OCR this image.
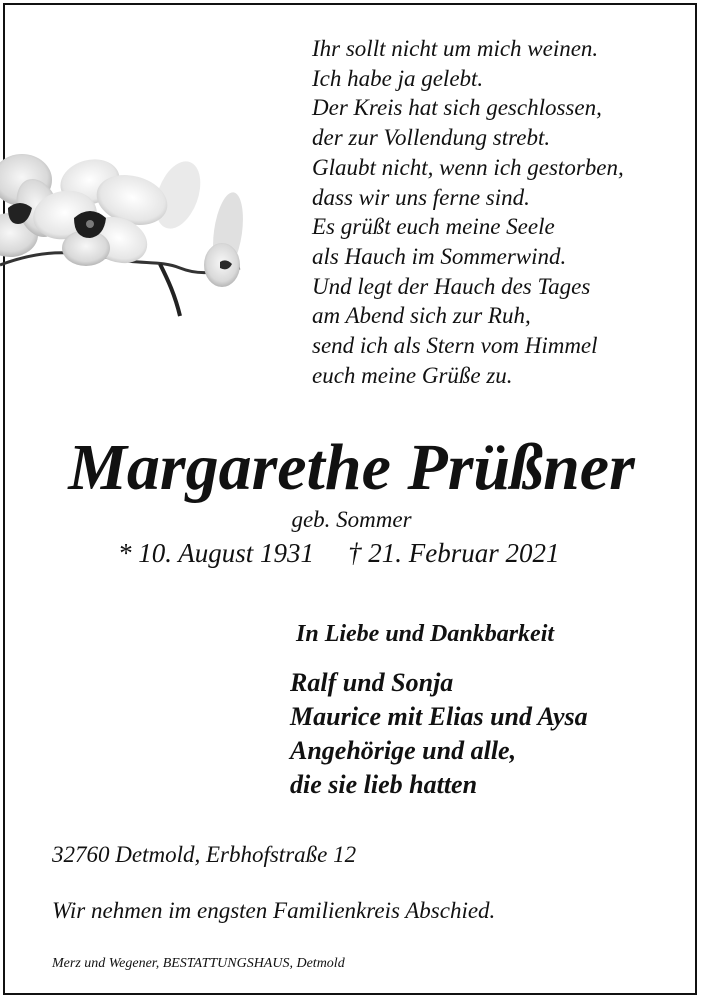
Ihr sollt nicht um mich weinen.
Ich habe ja gelebt.
Der Kreis hat sich geschlossen,
der zur Vollendung strebt.
Glaubt nicht, wenn ich gestorben,
dass wir uns ferne sind.
Es grüßt euch meine Seele
als Hauch im Sommerwind.
Und legt der Hauch des Tages
am Abend sich zur Ruh,
send ich als Stern vom Himmel
euch meine Grüße zu.
Margarethe Prüßner
geb. Sommer
* 10. August 1931 † 21. Februar 2021
In Liebe und Dankbarkeit
Ralf und Sonja
Maurice mit Elias und Aysa
Angehörige und alle,
die sie lieb hatten
32760 Detmold, Erbhofstraße 12
Wir nehmen im engsten Familienkreis Abschied.
Merz und Wegener, BESTATTUNGSHAUS, Detmold
